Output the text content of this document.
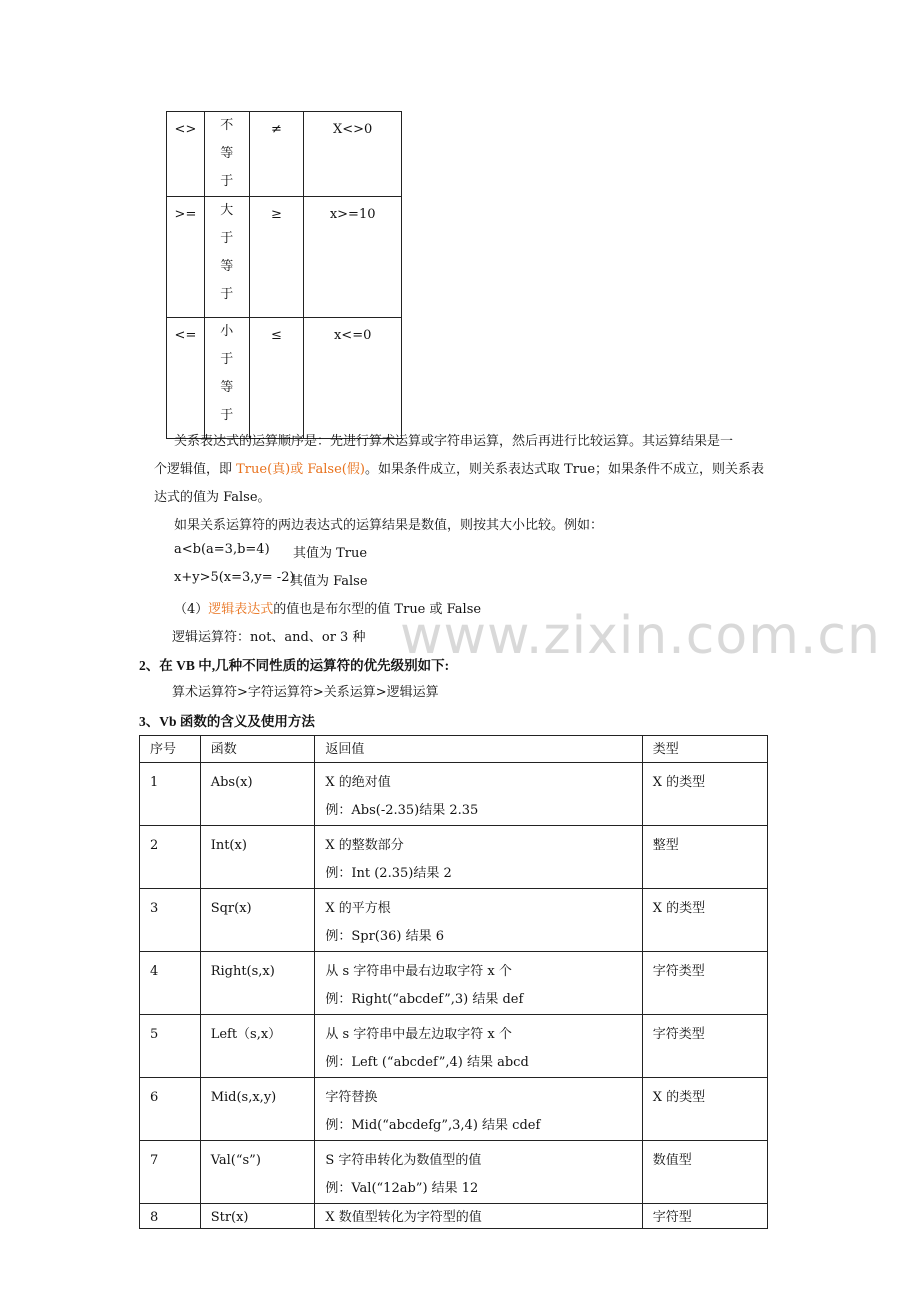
<>	不
等
于	≠	X<>0
>=	大
于
等
于	≥	x>=10
<=	小
于
等
于	≤	x<=0
关系表达式的运算顺序是：先进行算术运算或字符串运算，然后再进行比较运算。其运算结果是一
个逻辑值，即 True(真)或 False(假)。如果条件成立，则关系表达式取 True；如果条件不成立，则关系表
达式的值为 False。
如果关系运算符的两边表达式的运算结果是数值，则按其大小比较。例如：
a<b(a=3,b=4) 其值为 True
x+y>5(x=3,y= -2)
其值为 False
（4）逻辑表达式的值也是布尔型的值 True 或 False
逻辑运算符：not、and、or 3 种
2、在 VB 中,几种不同性质的运算符的优先级别如下:
算术运算符>字符运算符>关系运算>逻辑运算
3、Vb 函数的含义及使用方法
www.zixin.com.cn
序号	函数	返回值	类型
1	Abs(x)	X 的绝对值
例：Abs(-2.35)结果 2.35	X 的类型
2	Int(x)	X 的整数部分
例：Int (2.35)结果 2	整型
3	Sqr(x)	X 的平方根
例：Spr(36) 结果 6	X 的类型
4	Right(s,x)	从 s 字符串中最右边取字符 x 个
例：Right(“abcdef”,3) 结果 def	字符类型
5	Left（s,x）	从 s 字符串中最左边取字符 x 个
例：Left (“abcdef”,4) 结果 abcd	字符类型
6	Mid(s,x,y)	字符替换
例：Mid(“abcdefg”,3,4) 结果 cdef	X 的类型
7	Val(“s”)	S 字符串转化为数值型的值
例：Val(“12ab”) 结果 12	数值型
8	Str(x)	X 数值型转化为字符型的值	字符型
